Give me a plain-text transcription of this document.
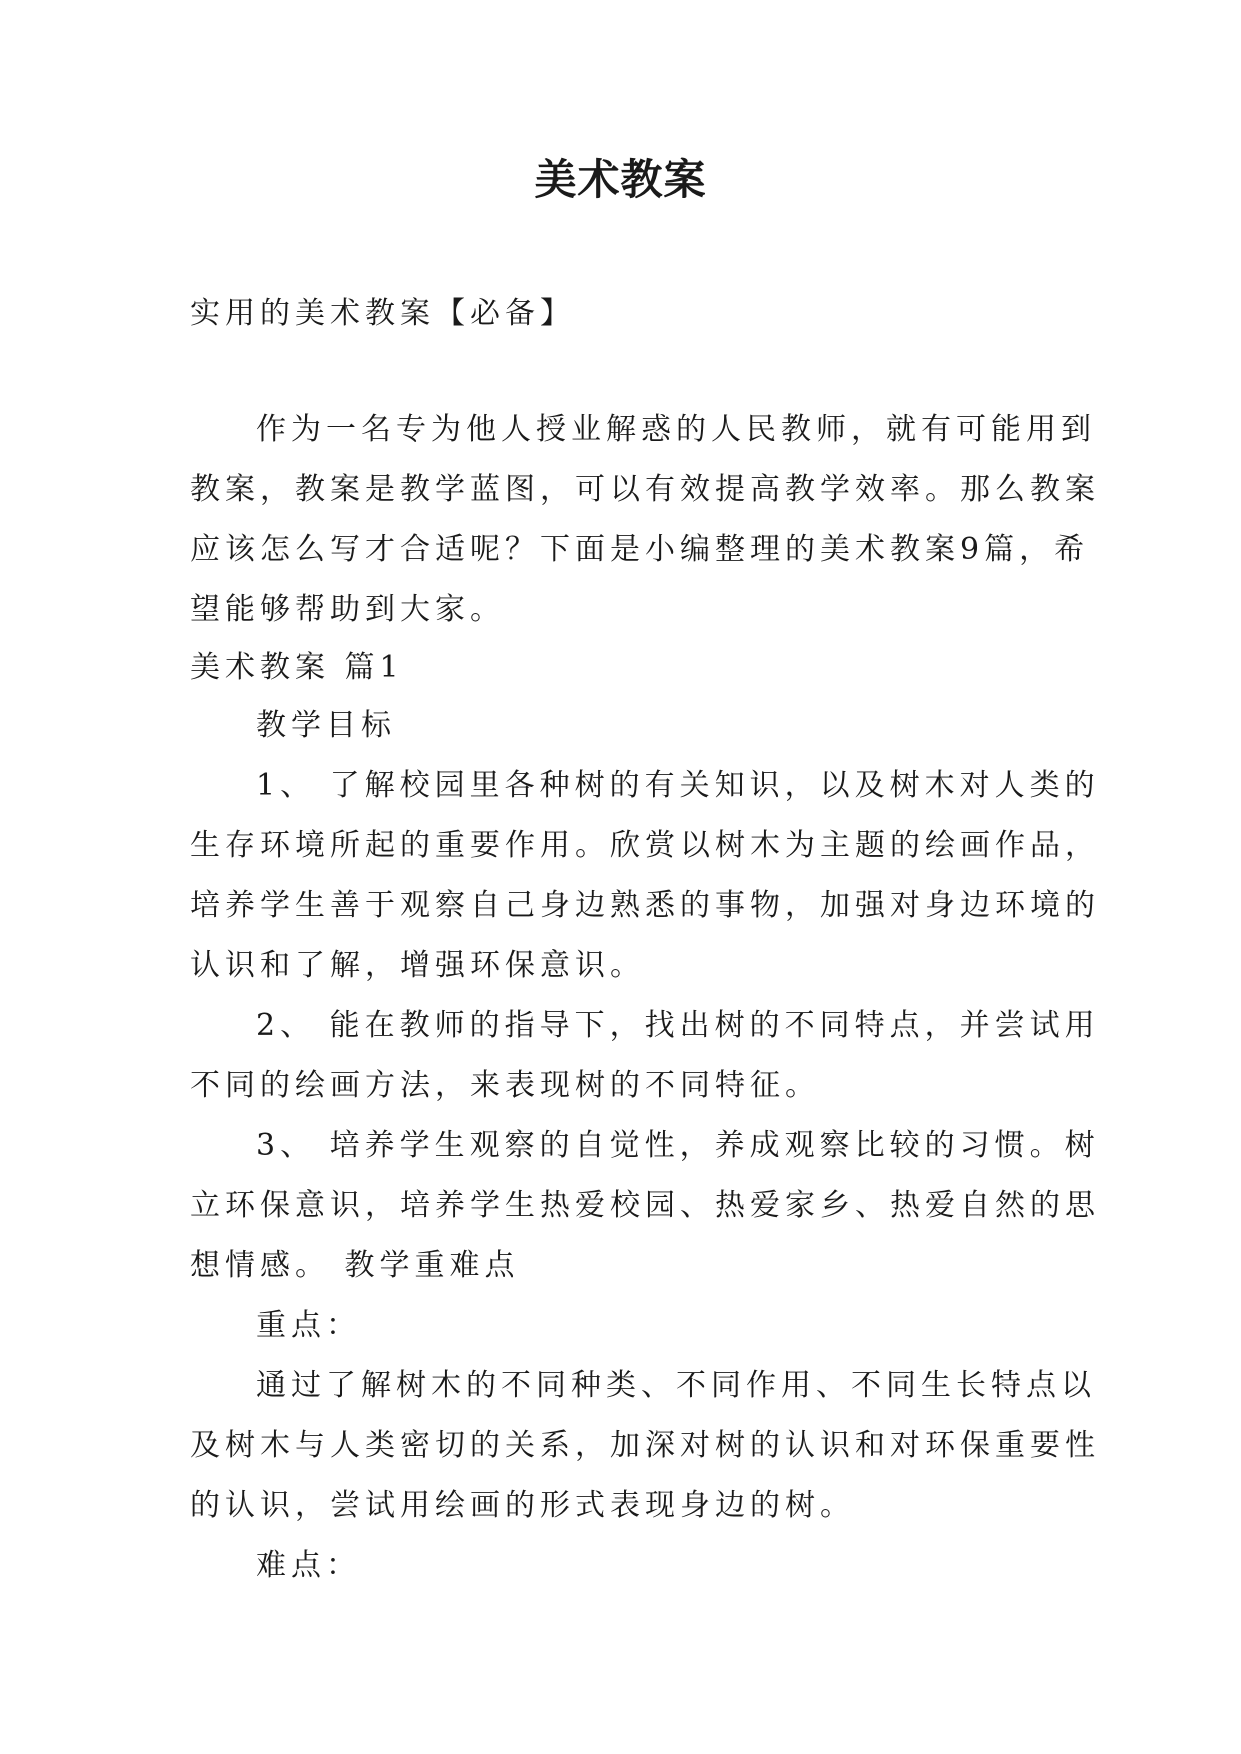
美术教案
实用的美术教案【必备】
作为一名专为他人授业解惑的人民教师，就有可能用到
教案，教案是教学蓝图，可以有效提高教学效率。那么教案
应该怎么写才合适呢？下面是小编整理的美术教案9篇，希
望能够帮助到大家。
美术教案 篇1
教学目标
1、 了解校园里各种树的有关知识，以及树木对人类的
生存环境所起的重要作用。欣赏以树木为主题的绘画作品，
培养学生善于观察自己身边熟悉的事物，加强对身边环境的
认识和了解，增强环保意识。
2、 能在教师的指导下，找出树的不同特点，并尝试用
不同的绘画方法，来表现树的不同特征。
3、 培养学生观察的自觉性，养成观察比较的习惯。树
立环保意识，培养学生热爱校园、热爱家乡、热爱自然的思
想情感。 教学重难点
重点：
通过了解树木的不同种类、不同作用、不同生长特点以
及树木与人类密切的关系，加深对树的认识和对环保重要性
的认识，尝试用绘画的形式表现身边的树。
难点：
